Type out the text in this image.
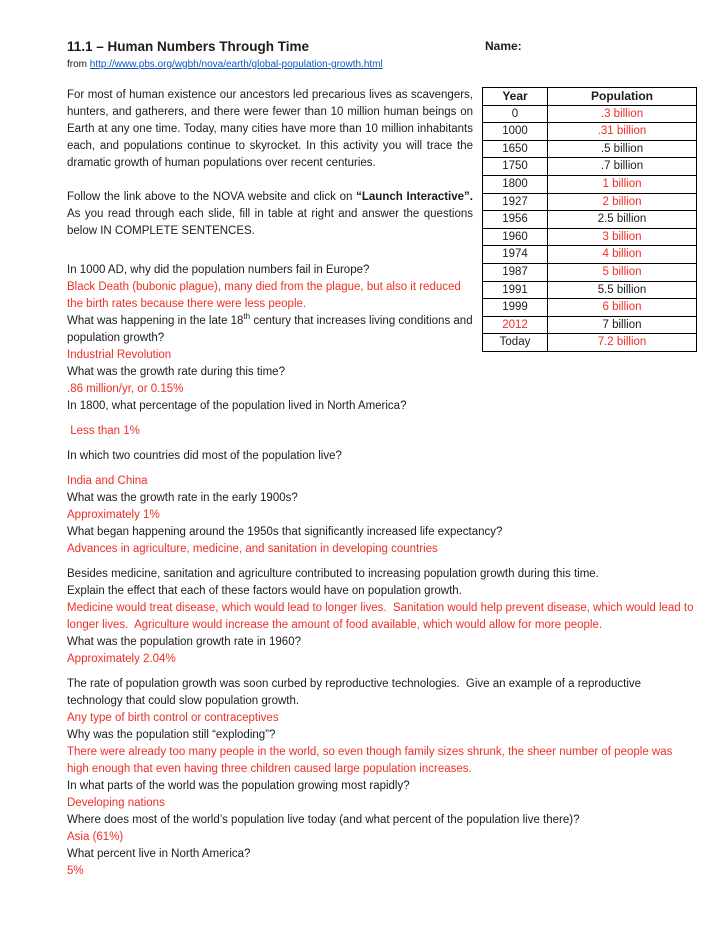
11.1 – Human Numbers Through Time	Name:
from http://www.pbs.org/wgbh/nova/earth/global-population-growth.html
Year	Population
0	.3 billion
1000	.31 billion
1650	.5 billion
1750	.7 billion
1800	1 billion
1927	2 billion
1956	2.5 billion
1960	3 billion
1974	4 billion
1987	5 billion
1991	5.5 billion
1999	6 billion
2012	7 billion
Today	7.2 billion

For most of human existence our ancestors led precarious lives as scavengers, hunters, and gatherers, and there were fewer than 10 million human beings on Earth at any one time. Today, many cities have more than 10 million inhabitants each, and populations continue to skyrocket. In this activity you will trace the dramatic growth of human populations over recent centuries.

Follow the link above to the NOVA website and click on “Launch Interactive”.  As you read through each slide, fill in table at right and answer the questions below IN COMPLETE SENTENCES.

In 1000 AD, why did the population numbers fail in Europe?

Black Death (bubonic plague), many died from the plague, but also it reduced the birth rates because there were less people.

What was happening in the late 18th century that increases living conditions and population growth?

Industrial Revolution

What was the growth rate during this time?

.86 million/yr, or 0.15%

In 1800, what percentage of the population lived in North America?

Less than 1%

In which two countries did most of the population live?

India and China

What was the growth rate in the early 1900s?

Approximately 1%

What began happening around the 1950s that significantly increased life expectancy?

Advances in agriculture, medicine, and sanitation in developing countries

Besides medicine, sanitation and agriculture contributed to increasing population growth during this time.

Explain the effect that each of these factors would have on population growth.

Medicine would treat disease, which would lead to longer lives.  Sanitation would help prevent disease, which would lead to longer lives.  Agriculture would increase the amount of food available, which would allow for more people.

What was the population growth rate in 1960?

Approximately 2.04%

The rate of population growth was soon curbed by reproductive technologies.  Give an example of a reproductive technology that could slow population growth.

Any type of birth control or contraceptives

Why was the population still “exploding”?

There were already too many people in the world, so even though family sizes shrunk, the sheer number of people was high enough that even having three children caused large population increases.

In what parts of the world was the population growing most rapidly?

Developing nations

Where does most of the world’s population live today (and what percent of the population live there)?

Asia (61%)

What percent live in North America?

5%
